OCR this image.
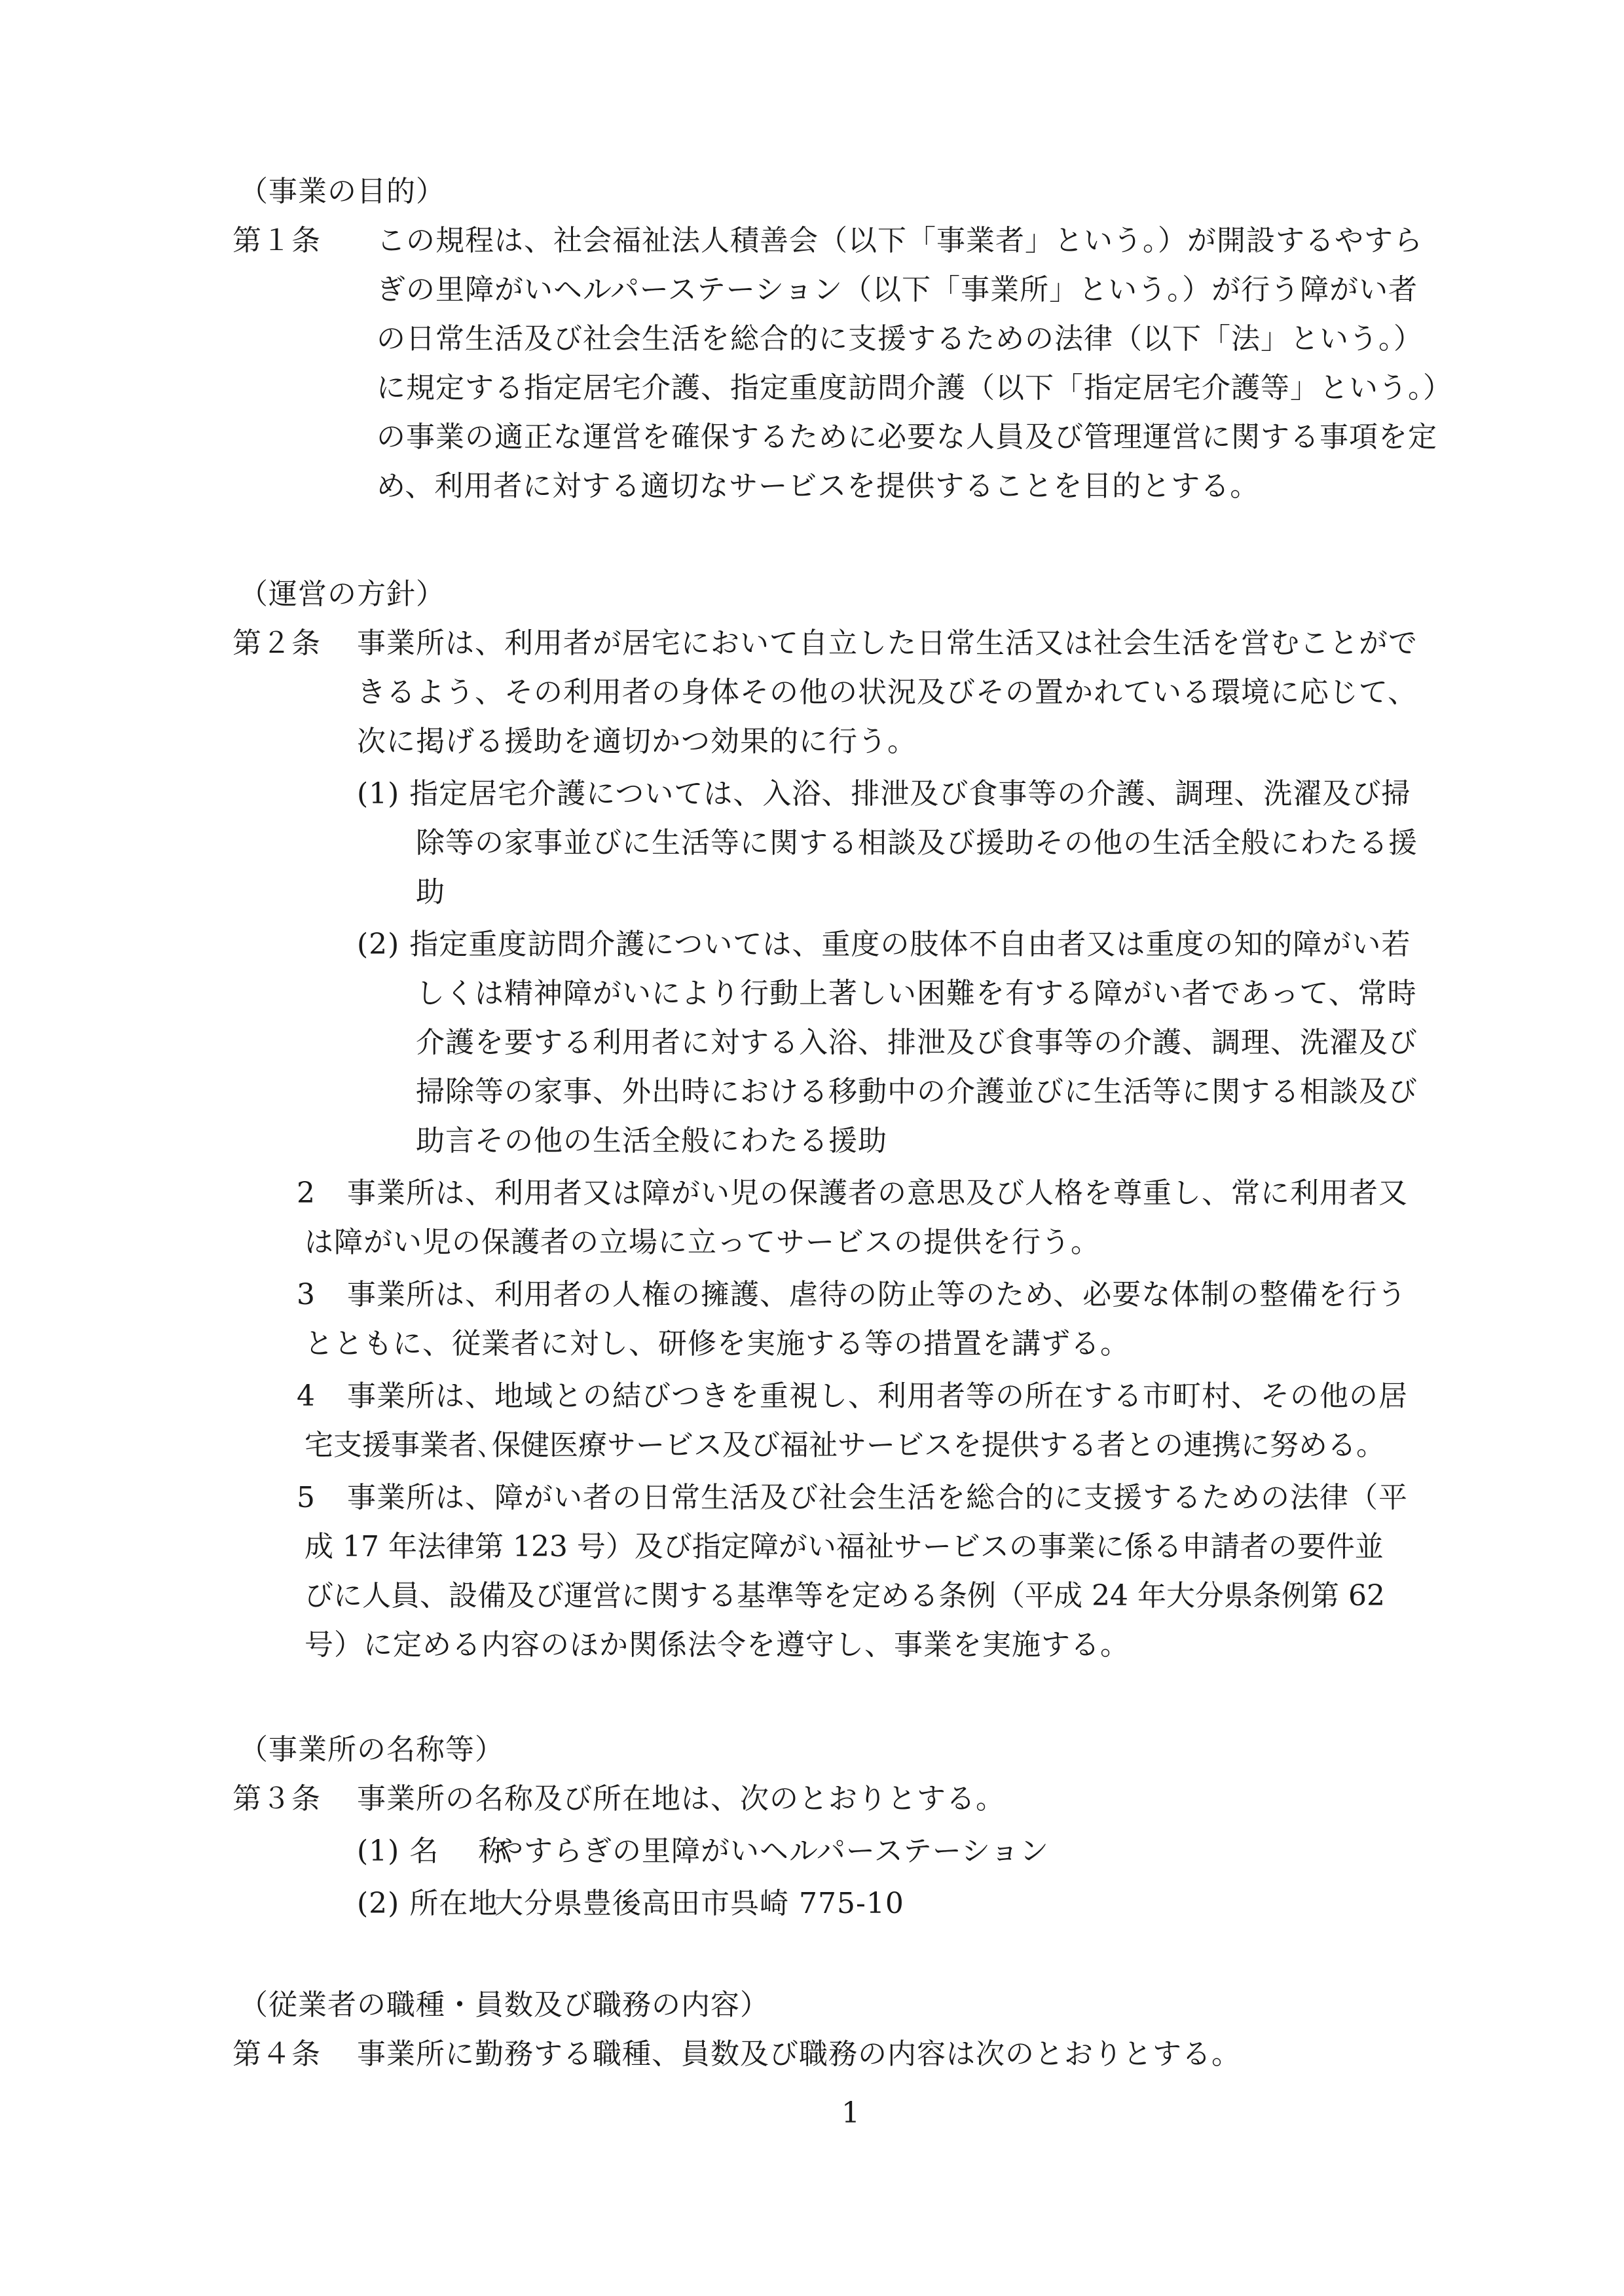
（事業の目的）
第１条 この規程は、社会福祉法人積善会（以下「事業者」という。）が開設するやすら
ぎの里障がいヘルパーステーション（以下「事業所」という。）が行う障がい者
の日常生活及び社会生活を総合的に支援するための法律（以下「法」という。）
に規定する指定居宅介護、指定重度訪問介護（以下「指定居宅介護等」という。）
の事業の適正な運営を確保するために必要な人員及び管理運営に関する事項を定
め、利用者に対する適切なサービスを提供することを目的とする。
（運営の方針）
第２条 事業所は、利用者が居宅において自立した日常生活又は社会生活を営むことがで
きるよう、その利用者の身体その他の状況及びその置かれている環境に応じて、
次に掲げる援助を適切かつ効果的に行う。
(1) 指定居宅介護については、入浴、排泄及び食事等の介護、調理、洗濯及び掃
除等の家事並びに生活等に関する相談及び援助その他の生活全般にわたる援
助
(2) 指定重度訪問介護については、重度の肢体不自由者又は重度の知的障がい若
しくは精神障がいにより行動上著しい困難を有する障がい者であって、常時
介護を要する利用者に対する入浴、排泄及び食事等の介護、調理、洗濯及び
掃除等の家事、外出時における移動中の介護並びに生活等に関する相談及び
助言その他の生活全般にわたる援助
2 事業所は、利用者又は障がい児の保護者の意思及び人格を尊重し、常に利用者又
は障がい児の保護者の立場に立ってサービスの提供を行う。
3 事業所は、利用者の人権の擁護、虐待の防止等のため、必要な体制の整備を行う
とともに、従業者に対し、研修を実施する等の措置を講ずる。
4 事業所は、地域との結びつきを重視し、利用者等の所在する市町村、その他の居
宅支援事業者､保健医療サービス及び福祉サービスを提供する者との連携に努める。
5 事業所は、障がい者の日常生活及び社会生活を総合的に支援するための法律（平
成 17 年法律第 123 号）及び指定障がい福祉サービスの事業に係る申請者の要件並
びに人員、設備及び運営に関する基準等を定める条例（平成 24 年大分県条例第 62
号）に定める内容のほか関係法令を遵守し、事業を実施する。
（事業所の名称等）
第３条 事業所の名称及び所在地は、次のとおりとする。
(1) 名　 称やすらぎの里障がいヘルパーステーション
(2) 所在地大分県豊後高田市呉崎 775-10
（従業者の職種・員数及び職務の内容）
第４条 事業所に勤務する職種、員数及び職務の内容は次のとおりとする。
1
